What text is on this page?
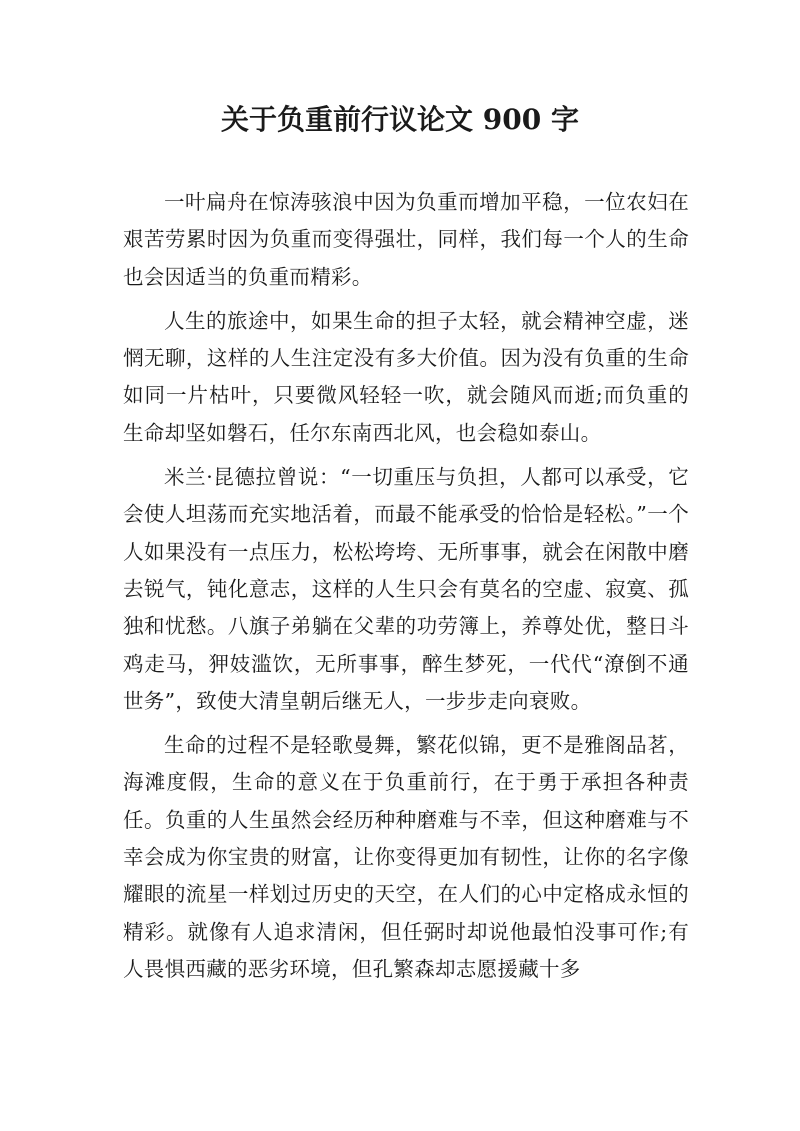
关于负重前行议论文 900 字

一叶扁舟在惊涛骇浪中因为负重而增加平稳，一位农妇在艰苦劳累时因为负重而变得强壮，同样，我们每一个人的生命也会因适当的负重而精彩。

人生的旅途中，如果生命的担子太轻，就会精神空虚，迷惘无聊，这样的人生注定没有多大价值。因为没有负重的生命如同一片枯叶，只要微风轻轻一吹，就会随风而逝;而负重的生命却坚如磐石，任尔东南西北风，也会稳如泰山。

米兰·昆德拉曾说：“一切重压与负担，人都可以承受，它会使人坦荡而充实地活着，而最不能承受的恰恰是轻松。”一个人如果没有一点压力，松松垮垮、无所事事，就会在闲散中磨去锐气，钝化意志，这样的人生只会有莫名的空虚、寂寞、孤独和忧愁。八旗子弟躺在父辈的功劳簿上，养尊处优，整日斗鸡走马，狎妓滥饮，无所事事，醉生梦死，一代代“潦倒不通世务”，致使大清皇朝后继无人，一步步走向衰败。

生命的过程不是轻歌曼舞，繁花似锦，更不是雅阁品茗，海滩度假，生命的意义在于负重前行，在于勇于承担各种责任。负重的人生虽然会经历种种磨难与不幸，但这种磨难与不幸会成为你宝贵的财富，让你变得更加有韧性，让你的名字像耀眼的流星一样划过历史的天空，在人们的心中定格成永恒的精彩。就像有人追求清闲，但任弼时却说他最怕没事可作;有人畏惧西藏的恶劣环境，但孔繁森却志愿援藏十多
